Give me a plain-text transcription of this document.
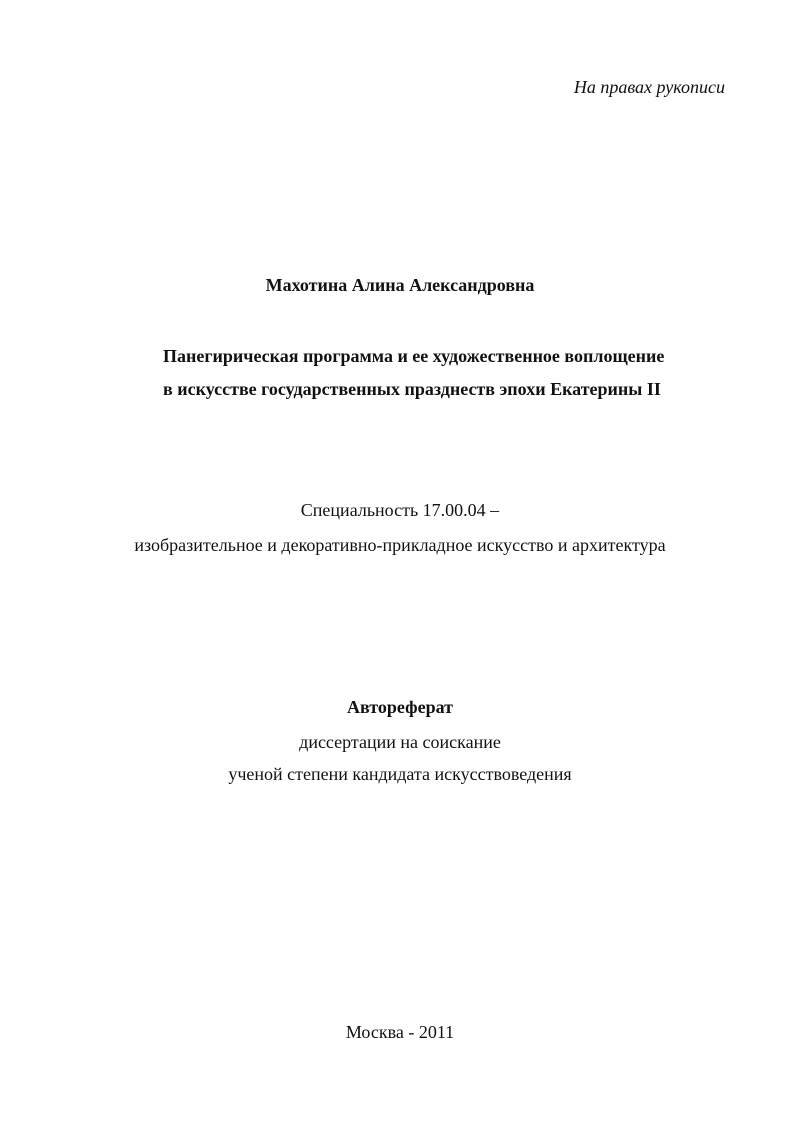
На правах рукописи
Махотина Алина Александровна
Панегирическая программа и ее художественное воплощение
в искусстве государственных празднеств эпохи Екатерины II
Специальность 17.00.04 –
изобразительное и декоративно-прикладное искусство и архитектура
Автореферат
диссертации на соискание
ученой степени кандидата искусствоведения
Москва - 2011
